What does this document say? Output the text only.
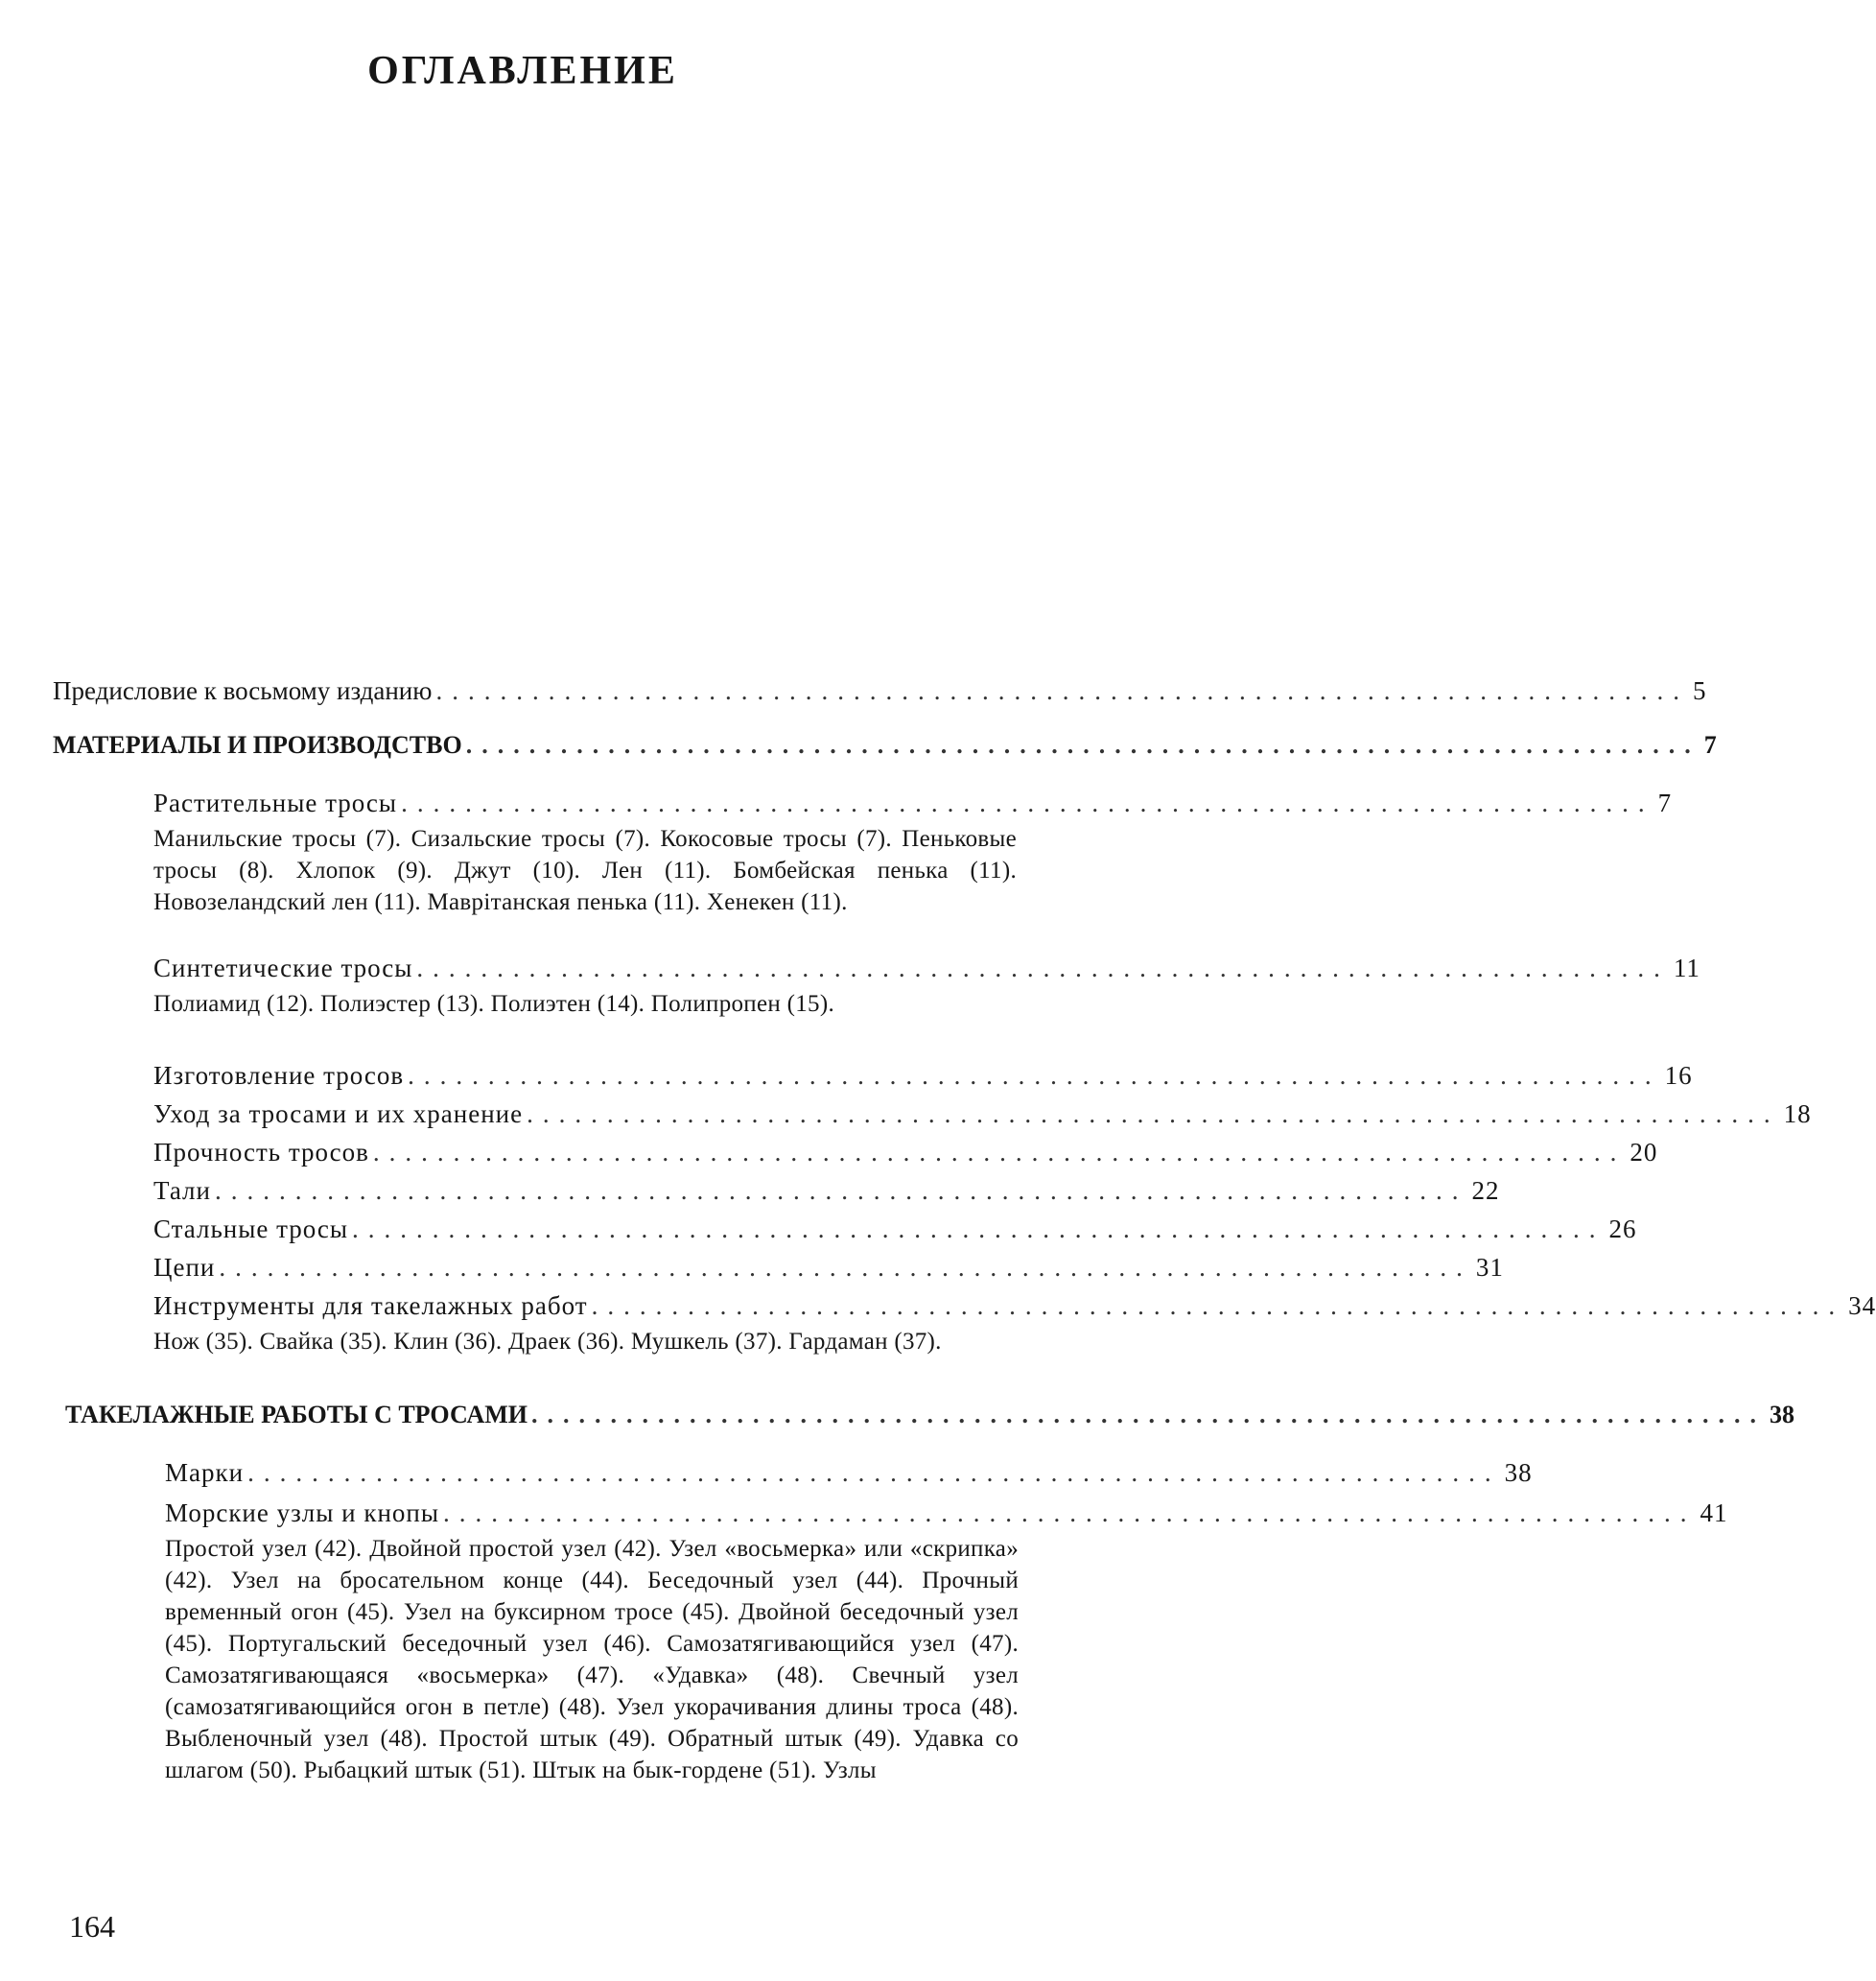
ОГЛАВЛЕНИЕ
Предисловие к восьмому изданию .............................................................................. 5
МАТЕРИАЛЫ И ПРОИЗВОДСТВО .............................................................................. 7
Растительные тросы .............................................................................. 7
Манильские тросы (7). Сизальские тросы (7). Кокосовые тросы (7). Пеньковые тросы (8). Хлопок (9). Джут (10). Лен (11). Бомбейская пенька (11). Новозеландский лен (11). Маврітанская пенька (11). Хенекен (11).
Синтетические тросы .............................................................................. 11
Полиамид (12). Полиэстер (13). Полиэтен (14). Полипропен (15).
Изготовление тросов .............................................................................. 16
Уход за тросами и их хранение .............................................................................. 18
Прочность тросов .............................................................................. 20
Тали .............................................................................. 22
Стальные тросы .............................................................................. 26
Цепи .............................................................................. 31
Инструменты для такелажных работ .............................................................................. 34
Нож (35). Свайка (35). Клин (36). Драек (36). Мушкель (37). Гардаман (37).
ТАКЕЛАЖНЫЕ РАБОТЫ С ТРОСАМИ .............................................................................. 38
Марки .............................................................................. 38
Морские узлы и кнопы .............................................................................. 41
Простой узел (42). Двойной простой узел (42). Узел «восьмерка» или «скрипка» (42). Узел на бросательном конце (44). Беседочный узел (44). Прочный временный огон (45). Узел на буксирном тросе (45). Двойной беседочный узел (45). Португальский беседочный узел (46). Самозатягивающийся узел (47). Самозатягивающаяся «восьмерка» (47). «Удавка» (48). Свечный узел (самозатягивающийся огон в петле) (48). Узел укорачивания длины троса (48). Выбленочный узел (48). Простой штык (49). Обратный штык (49). Удавка со шлагом (50). Рыбацкий штык (51). Штык на бык-гордене (51). Узлы
164
